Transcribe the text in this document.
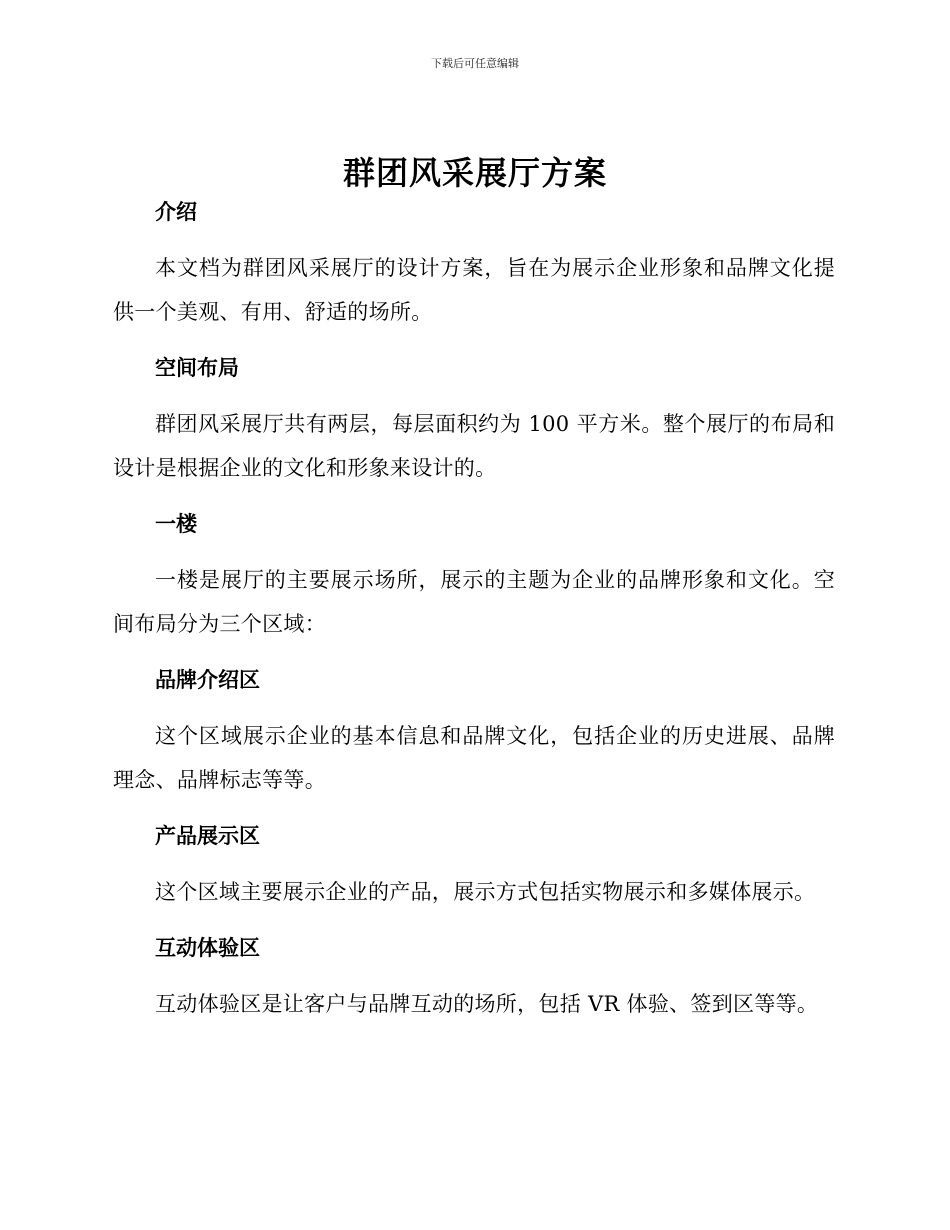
下载后可任意编辑
群团风采展厅方案
介绍

本文档为群团风采展厅的设计方案，旨在为展示企业形象和品牌文化提供一个美观、有用、舒适的场所。

空间布局

群团风采展厅共有两层，每层面积约为 100 平方米。整个展厅的布局和设计是根据企业的文化和形象来设计的。

一楼

一楼是展厅的主要展示场所，展示的主题为企业的品牌形象和文化。空间布局分为三个区域：

品牌介绍区

这个区域展示企业的基本信息和品牌文化，包括企业的历史进展、品牌理念、品牌标志等等。

产品展示区

这个区域主要展示企业的产品，展示方式包括实物展示和多媒体展示。

互动体验区

互动体验区是让客户与品牌互动的场所，包括 VR 体验、签到区等等。
